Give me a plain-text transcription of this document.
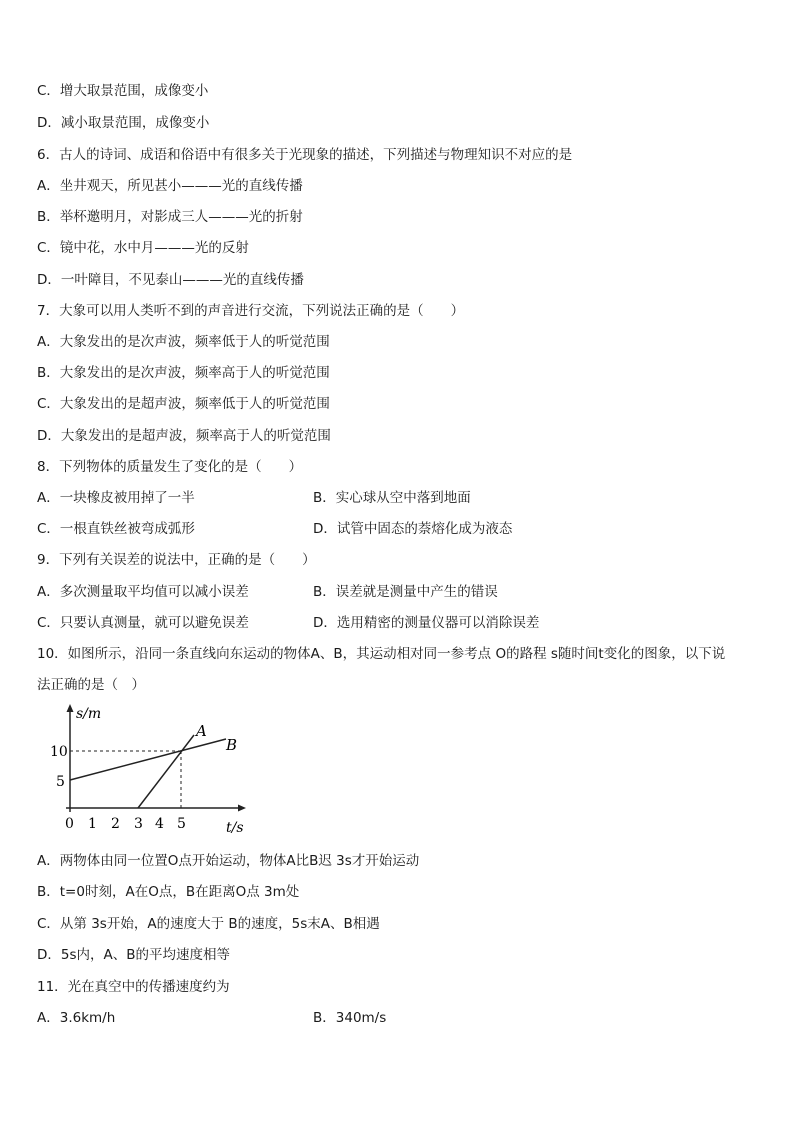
C．增大取景范围，成像变小
D．减小取景范围，成像变小
6．古人的诗词、成语和俗语中有很多关于光现象的描述，下列描述与物理知识不对应的是
A．坐井观天，所见甚小———光的直线传播
B．举杯邀明月，对影成三人———光的折射
C．镜中花，水中月———光的反射
D．一叶障目，不见泰山———光的直线传播
7．大象可以用人类听不到的声音进行交流，下列说法正确的是（　　）
A．大象发出的是次声波，频率低于人的听觉范围
B．大象发出的是次声波，频率高于人的听觉范围
C．大象发出的是超声波，频率低于人的听觉范围
D．大象发出的是超声波，频率高于人的听觉范围
8．下列物体的质量发生了变化的是（　　）
A．一块橡皮被用掉了一半	B．实心球从空中落到地面
C．一根直铁丝被弯成弧形	D．试管中固态的萘熔化成为液态
9．下列有关误差的说法中，正确的是（　　）
A．多次测量取平均值可以减小误差	B．误差就是测量中产生的错误
C．只要认真测量，就可以避免误差	D．选用精密的测量仪器可以消除误差
10．如图所示，沿同一条直线向东运动的物体A、B，其运动相对同一参考点 O的路程 s随时间t变化的图象，以下说
法正确的是（　）
s/m
t/s
10
5
0 1 2 3 4 5
A
B
A．两物体由同一位置O点开始运动，物体A比B迟 3s才开始运动
B．t=0时刻，A在O点，B在距离O点 3m处
C．从第 3s开始，A的速度大于 B的速度，5s末A、B相遇
D．5s内，A、B的平均速度相等
11．光在真空中的传播速度约为
A．3.6km/h	B．340m/s
